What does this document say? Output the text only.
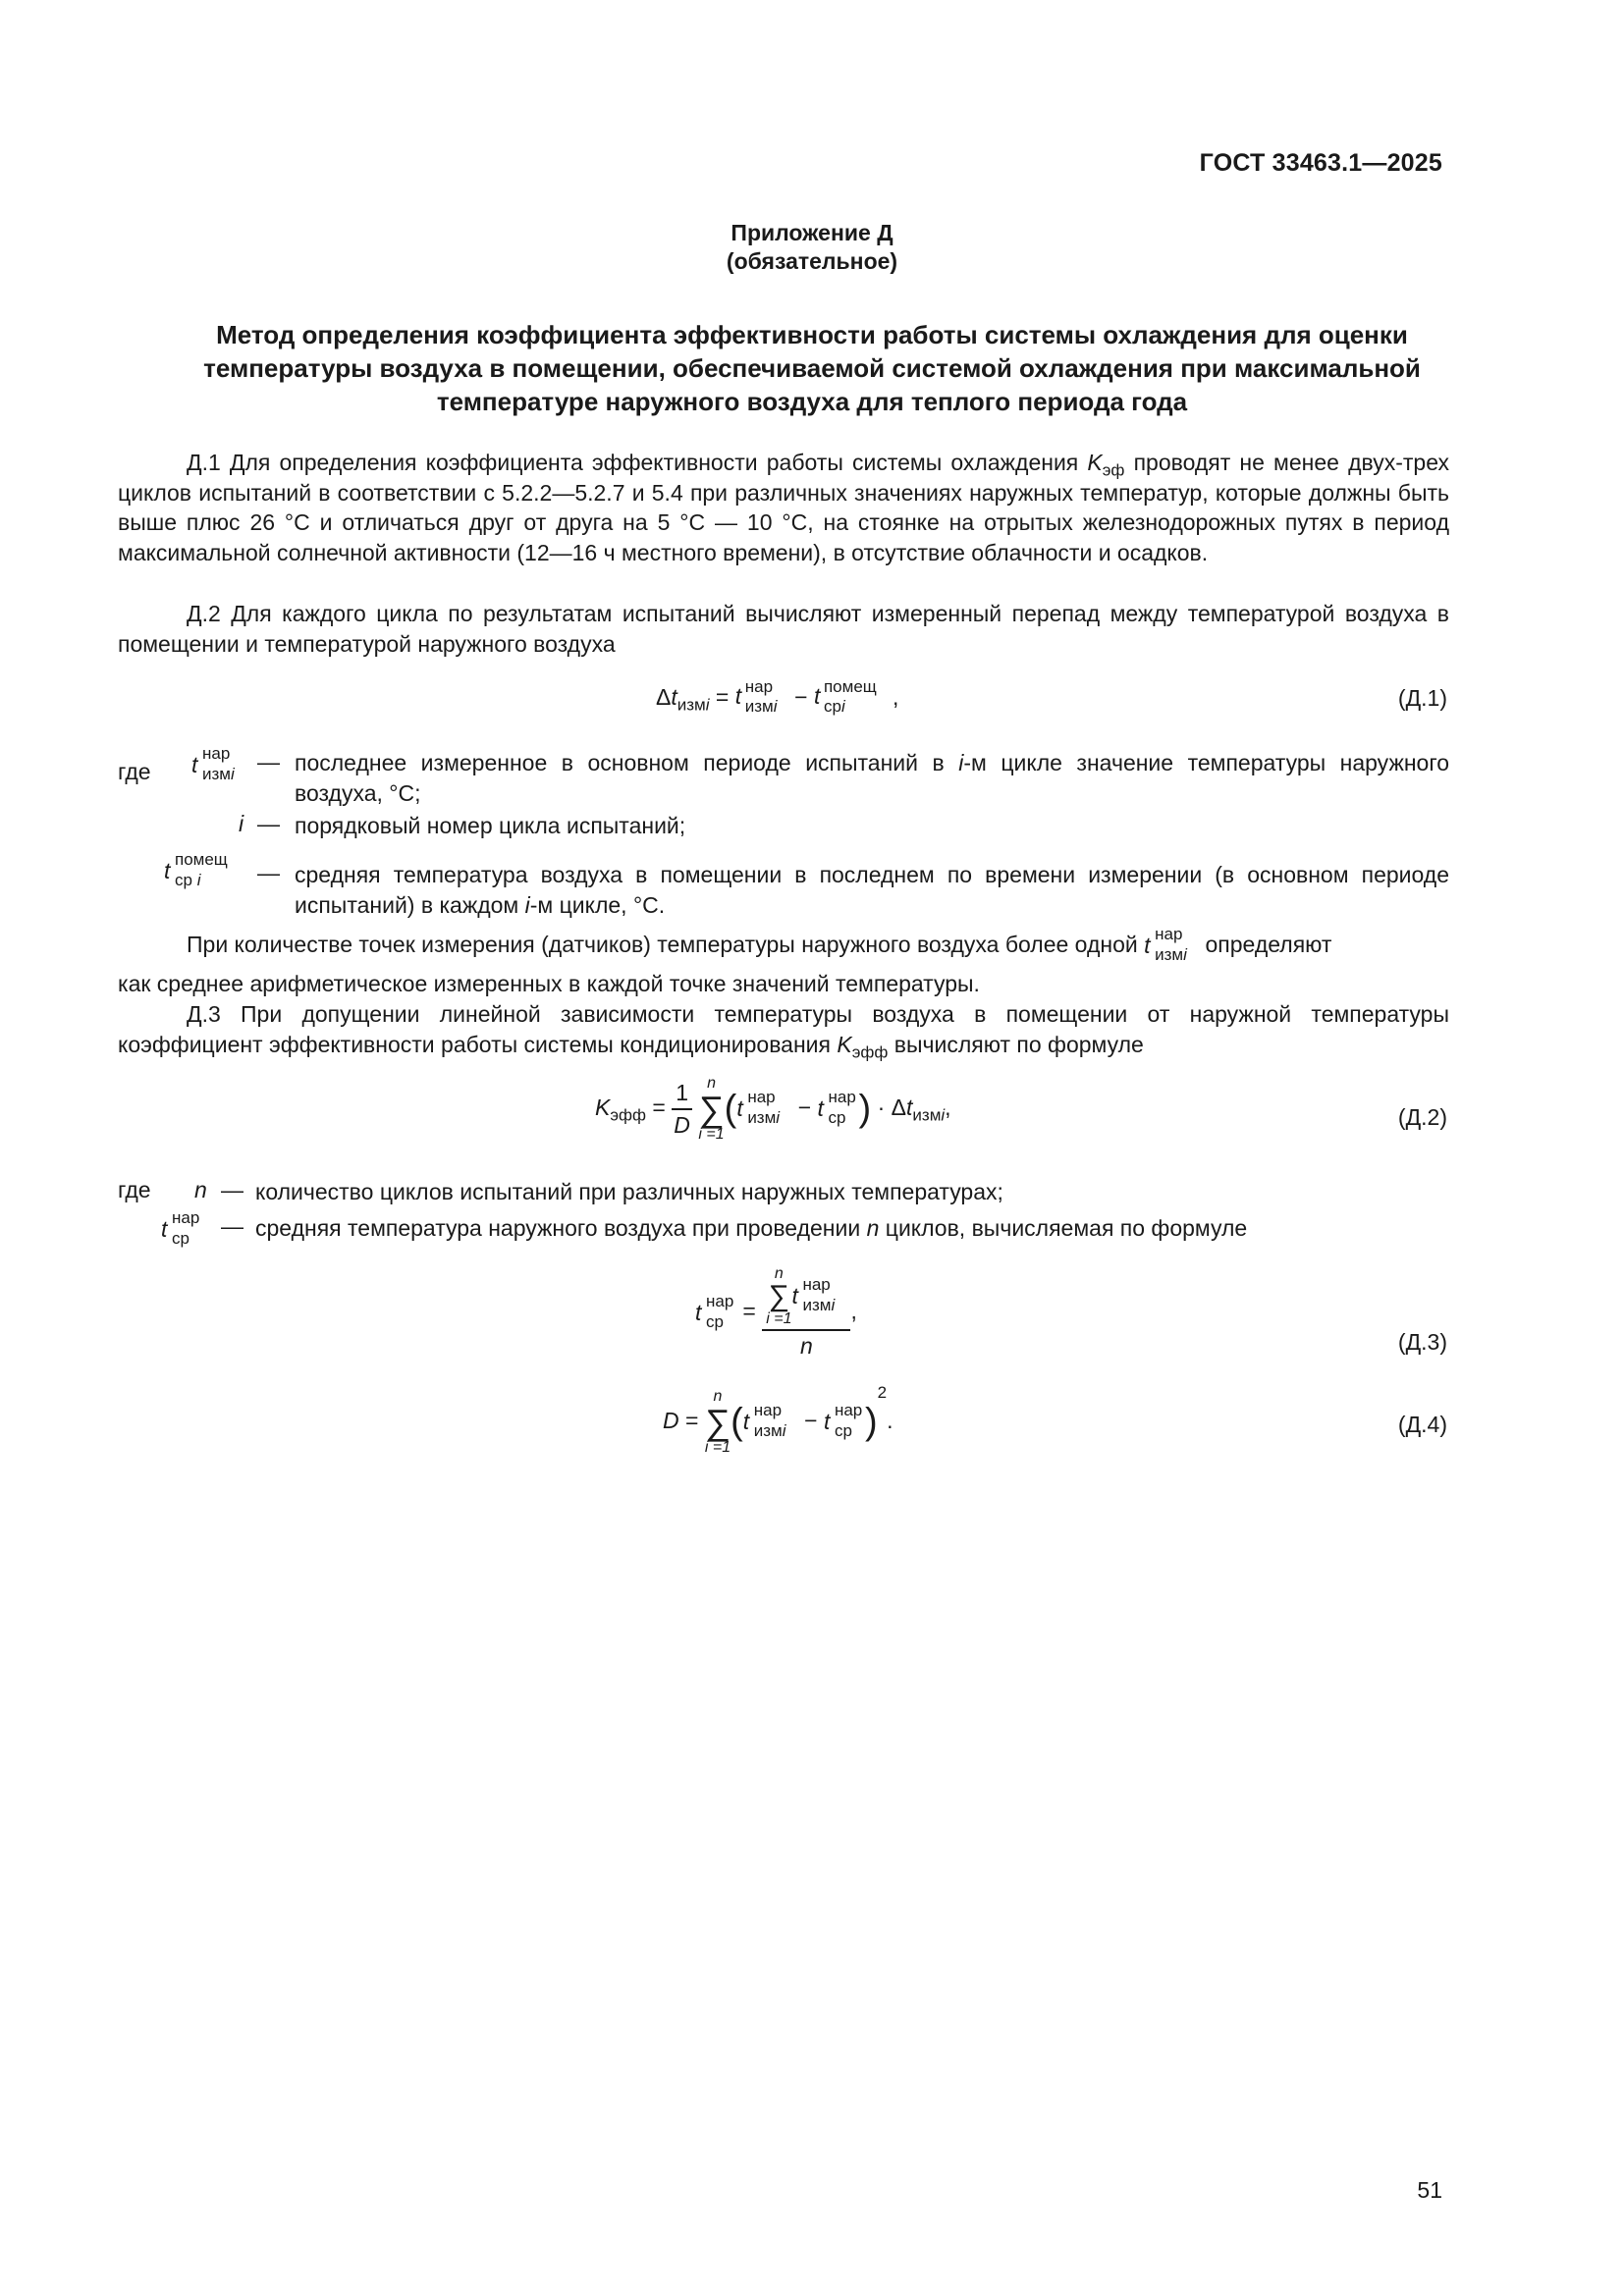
ГОСТ 33463.1—2025
Приложение Д
(обязательное)
Метод определения коэффициента эффективности работы системы охлаждения для оценки
температуры воздуха в помещении, обеспечиваемой системой охлаждения при максимальной
температуре наружного воздуха для теплого периода года
Д.1 Для определения коэффициента эффективности работы системы охлаждения $K_{эф}$ проводят не менее двух-трех циклов испытаний в соответствии с 5.2.2—5.2.7 и 5.4 при различных значениях наружных температур, которые должны быть выше плюс 26 °С и отличаться друг от друга на 5 °С — 10 °С, на стоянке на отрытых железнодорожных путях в период максимальной солнечной активности (12—16 ч местного времени), в отсутствие облачности и осадков.
Д.2 Для каждого цикла по результатам испытаний вычисляют измеренный перепад между температурой воздуха в помещении и температурой наружного воздуха
$\Delta t_{измi} = t$ нар
измi − t помещ
срi ,	(Д.1)
где t нар
измi — последнее измеренное в основном периоде испытаний в i-м цикле значение температуры наружного воздуха, °С;
i — порядковый номер цикла испытаний;
t помещ
ср i	— средняя температура воздуха в помещении в последнем по времени измерении (в основном периоде испытаний) в каждом i-м цикле, °С.
При количестве точек измерения (датчиков) температуры наружного воздуха более одной t нар
измi определяют
как среднее арифметическое измеренных в каждой точке значений температуры.
Д.3 При допущении линейной зависимости температуры воздуха в помещении от наружной температуры коэффициент эффективности работы системы кондиционирования $K_{эфф}$ вычисляют по формуле
$K_{эфф} = \frac{1}{D}$
n
∑
i =1
( t нар
измi − t нар
ср ) · $\Delta t_{измi}$,	(Д.2)
где n — количество циклов испытаний при различных наружных температурах;
t нар
ср — средняя температура наружного воздуха при проведении n циклов, вычисляемая по формуле
t нар
ср = n
∑
i =1
t нар
измi
n ,
(Д.3)
D =
n
∑
i =1
( t нар
измi − t нар
ср )$^2$.	(Д.4)
51
